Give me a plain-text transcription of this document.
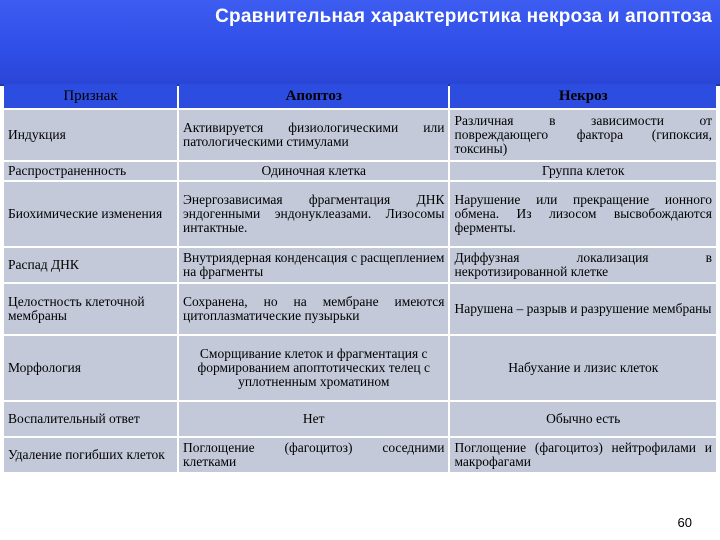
Сравнительная характеристика некроза и апоптоза
Признак	Апоптоз	Некроз
Индукция	Активируется физиологическими или патологическими стимулами	Различная в зависимости от повреждающего фактора (гипоксия, токсины)
Распространенность	Одиночная клетка	Группа клеток
Биохимические изменения	Энергозависимая фрагментация ДНК эндогенными эндонуклеазами. Лизосомы интактные.	Нарушение или прекращение ионного обмена. Из лизосом высвобождаются ферменты.
Распад ДНК	Внутриядерная конденсация с расщеплением на фрагменты	Диффузная локализация в некротизированной клетке
Целостность клеточной мембраны	Сохранена, но на мембране имеются цитоплазматические пузырьки	Нарушена – разрыв и разрушение мембраны
Морфология	Сморщивание клеток и фрагментация с формированием апоптотических телец с уплотненным хроматином	Набухание и лизис клеток
Воспалительный ответ	Нет	Обычно есть
Удаление погибших клеток	Поглощение (фагоцитоз) соседними клетками	Поглощение (фагоцитоз) нейтрофилами и макрофагами
60
